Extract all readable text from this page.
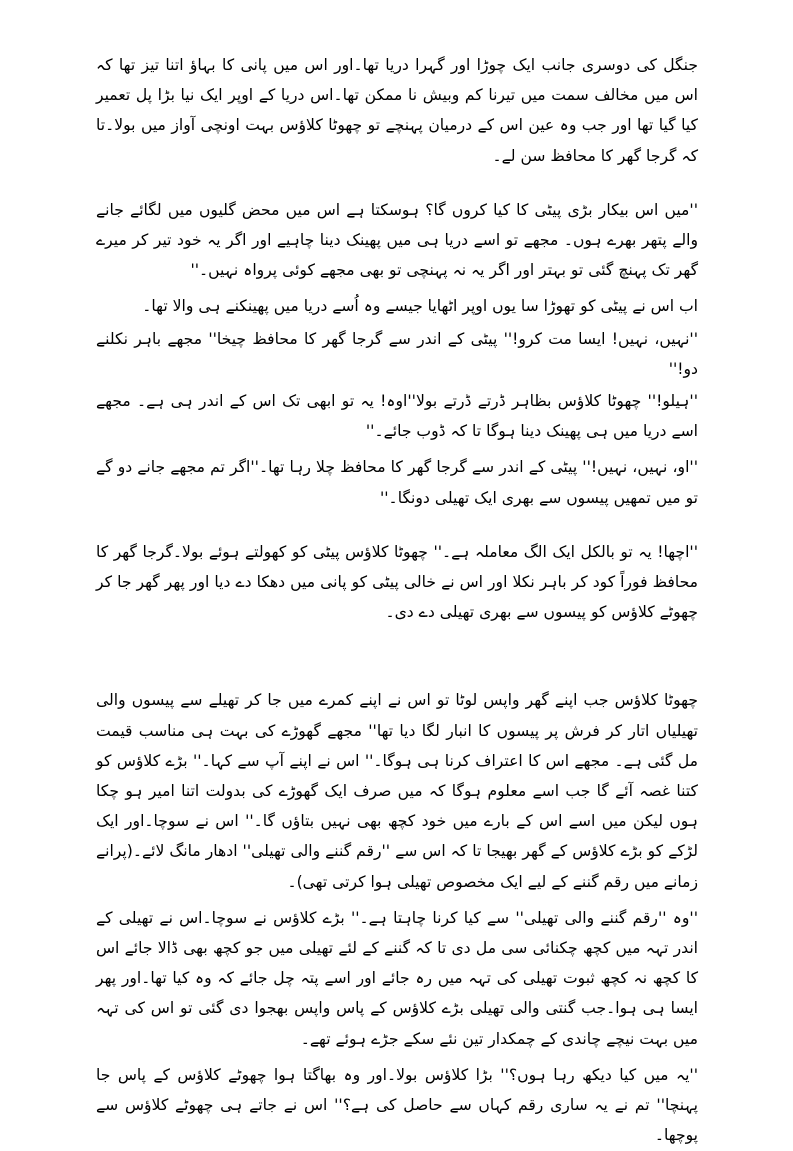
جنگل کی دوسری جانب ایک چوڑا اور گہرا دریا تھا۔اور اس میں پانی کا بہاؤ اتنا تیز تھا کہ اس میں مخالف سمت میں تیرنا کم وبیش نا ممکن تھا۔اس دریا کے اوپر ایک نیا بڑا پل تعمیر کیا گیا تھا اور جب وہ عین اس کے درمیان پہنچے تو چھوٹا کلاؤس بہت اونچی آواز میں بولا۔تا کہ گرجا گھر کا محافظ سن لے۔

''میں اس بیکار بڑی پیٹی کا کیا کروں گا؟ ہوسکتا ہے اس میں محض گلیوں میں لگائے جانے والے پتھر بھرے ہوں۔ مجھے تو اسے دریا ہی میں پھینک دینا چاہیے اور اگر یہ خود تیر کر میرے گھر تک پہنچ گئی تو بہتر اور اگر یہ نہ پہنچی تو بھی مجھے کوئی پرواہ نہیں۔''

اب اس نے پیٹی کو تھوڑا سا یوں اوپر اٹھایا جیسے وہ اُسے دریا میں پھینکنے ہی والا تھا۔

''نہیں، نہیں! ایسا مت کرو!'' پیٹی کے اندر سے گرجا گھر کا محافظ چیخا'' مجھے باہر نکلنے دو!''

''ہیلو!'' چھوٹا کلاؤس بظاہر ڈرتے ڈرتے بولا''اوہ! یہ تو ابھی تک اس کے اندر ہی ہے۔ مجھے اسے دریا میں ہی پھینک دینا ہوگا تا کہ ڈوب جائے۔''

''او، نہیں، نہیں!'' پیٹی کے اندر سے گرجا گھر کا محافظ چلا رہا تھا۔''اگر تم مجھے جانے دو گے تو میں تمھیں پیسوں سے بھری ایک تھیلی دونگا۔''

''اچھا! یہ تو بالکل ایک الگ معاملہ ہے۔'' چھوٹا کلاؤس پیٹی کو کھولتے ہوئے بولا۔گرجا گھر کا محافظ فوراً کود کر باہر نکلا اور اس نے خالی پیٹی کو پانی میں دھکا دے دیا اور پھر گھر جا کر چھوٹے کلاؤس کو پیسوں سے بھری تھیلی دے دی۔

چھوٹا کلاؤس جب اپنے گھر واپس لوٹا تو اس نے اپنے کمرے میں جا کر تھیلے سے پیسوں والی تھیلیاں اتار کر فرش پر پیسوں کا انبار لگا دیا تھا'' مجھے گھوڑے کی بہت ہی مناسب قیمت مل گئی ہے۔ مجھے اس کا اعتراف کرنا ہی ہوگا۔'' اس نے اپنے آپ سے کہا۔'' بڑے کلاؤس کو کتنا غصہ آئے گا جب اسے معلوم ہوگا کہ میں صرف ایک گھوڑے کی بدولت اتنا امیر ہو چکا ہوں لیکن میں اسے اس کے بارے میں خود کچھ بھی نہیں بتاؤں گا۔'' اس نے سوچا۔اور ایک لڑکے کو بڑے کلاؤس کے گھر بھیجا تا کہ اس سے ''رقم گننے والی تھیلی'' ادھار مانگ لائے۔(پرانے زمانے میں رقم گننے کے لیے ایک مخصوص تھیلی ہوا کرتی تھی)۔

''وہ ''رقم گننے والی تھیلی'' سے کیا کرنا چاہتا ہے۔'' بڑے کلاؤس نے سوچا۔اس نے تھیلی کے اندر تہہ میں کچھ چکنائی سی مل دی تا کہ گننے کے لئے تھیلی میں جو کچھ بھی ڈالا جائے اس کا کچھ نہ کچھ ثبوت تھیلی کی تہہ میں رہ جائے اور اسے پتہ چل جائے کہ وہ کیا تھا۔اور پھر ایسا ہی ہوا۔جب گنتی والی تھیلی بڑے کلاؤس کے پاس واپس بھجوا دی گئی تو اس کی تہہ میں بہت نیچے چاندی کے چمکدار تین نئے سکے جڑے ہوئے تھے۔

''یہ میں کیا دیکھ رہا ہوں؟'' بڑا کلاؤس بولا۔اور وہ بھاگتا ہوا چھوٹے کلاؤس کے پاس جا پہنچا'' تم نے یہ ساری رقم کہاں سے حاصل کی ہے؟'' اس نے جاتے ہی چھوٹے کلاؤس سے پوچھا۔
